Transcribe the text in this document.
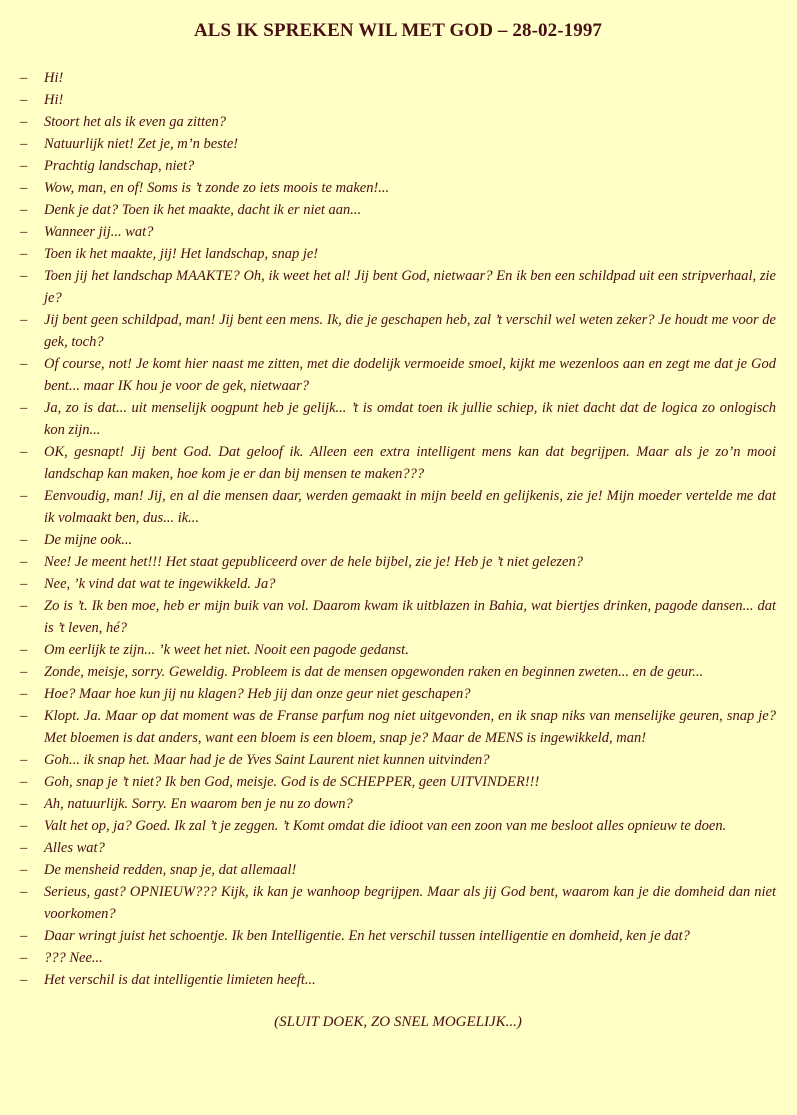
ALS IK SPREKEN WIL MET GOD – 28-02-1997
– Hi!
– Hi!
– Stoort het als ik even ga zitten?
– Natuurlijk niet! Zet je, m’n beste!
– Prachtig landschap, niet?
– Wow, man, en of! Soms is ’t zonde zo iets moois te maken!...
– Denk je dat? Toen ik het maakte, dacht ik er niet aan...
– Wanneer jij... wat?
– Toen ik het maakte, jij! Het landschap, snap je!
– Toen jij het landschap MAAKTE? Oh, ik weet het al! Jij bent God, nietwaar? En ik ben een schildpad uit een stripverhaal, zie je?
– Jij bent geen schildpad, man! Jij bent een mens. Ik, die je geschapen heb, zal ’t verschil wel weten zeker? Je houdt me voor de gek, toch?
– Of course, not! Je komt hier naast me zitten, met die dodelijk vermoeide smoel, kijkt me wezenloos aan en zegt me dat je God bent... maar IK hou je voor de gek, nietwaar?
– Ja, zo is dat... uit menselijk oogpunt heb je gelijk... ’t is omdat toen ik jullie schiep, ik niet dacht dat de logica zo onlogisch kon zijn...
– OK, gesnapt! Jij bent God. Dat geloof ik. Alleen een extra intelligent mens kan dat begrijpen. Maar als je zo’n mooi landschap kan maken, hoe kom je er dan bij mensen te maken???
– Eenvoudig, man! Jij, en al die mensen daar, werden gemaakt in mijn beeld en gelijkenis, zie je! Mijn moeder vertelde me dat ik volmaakt ben, dus... ik...
– De mijne ook...
– Nee! Je meent het!!! Het staat gepubliceerd over de hele bijbel, zie je! Heb je ’t niet gelezen?
– Nee, ’k vind dat wat te ingewikkeld. Ja?
– Zo is ’t. Ik ben moe, heb er mijn buik van vol. Daarom kwam ik uitblazen in Bahia, wat biertjes drinken, pagode dansen... dat is ’t leven, hé?
– Om eerlijk te zijn... ’k weet het niet. Nooit een pagode gedanst.
– Zonde, meisje, sorry. Geweldig. Probleem is dat de mensen opgewonden raken en beginnen zweten... en de geur...
– Hoe? Maar hoe kun jij nu klagen? Heb jij dan onze geur niet geschapen?
– Klopt. Ja. Maar op dat moment was de Franse parfum nog niet uitgevonden, en ik snap niks van menselijke geuren, snap je? Met bloemen is dat anders, want een bloem is een bloem, snap je? Maar de MENS is ingewikkeld, man!
– Goh... ik snap het. Maar had je de Yves Saint Laurent niet kunnen uitvinden?
– Goh, snap je ’t niet? Ik ben God, meisje. God is de SCHEPPER, geen UITVINDER!!!
– Ah, natuurlijk. Sorry. En waarom ben je nu zo down?
– Valt het op, ja? Goed. Ik zal ’t je zeggen. ’t Komt omdat die idioot van een zoon van me besloot alles opnieuw te doen.
– Alles wat?
– De mensheid redden, snap je, dat allemaal!
– Serieus, gast? OPNIEUW??? Kijk, ik kan je wanhoop begrijpen. Maar als jij God bent, waarom kan je die domheid dan niet voorkomen?
– Daar wringt juist het schoentje. Ik ben Intelligentie. En het verschil tussen intelligentie en domheid, ken je dat?
– ??? Nee...
– Het verschil is dat intelligentie limieten heeft...
(SLUIT DOEK, ZO SNEL MOGELIJK...)
